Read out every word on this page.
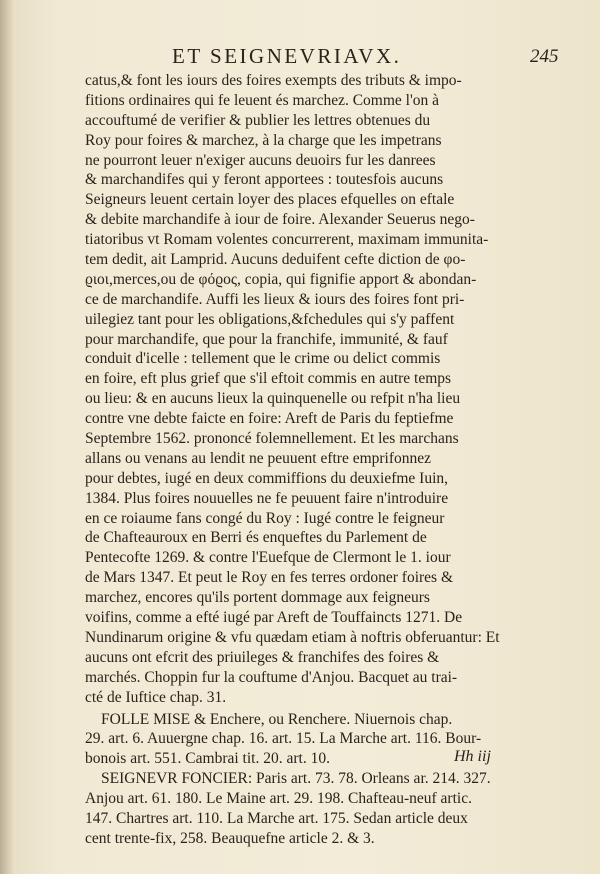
ET SEIGNEVRIAVX.	245
catus,& font les iours des foires exempts des tributs & impo-
fitions ordinaires qui fe leuent és marchez. Comme l'on à
accouftumé de verifier & publier les lettres obtenues du
Roy pour foires & marchez, à la charge que les impetrans
ne pourront leuer n'exiger aucuns deuoirs fur les danrees
& marchandifes qui y feront apportees : toutesfois aucuns
Seigneurs leuent certain loyer des places efquelles on eftale
& debite marchandife à iour de foire. Alexander Seuerus nego-
tiatoribus vt Romam volentes concurrerent, maximam immunita-
tem dedit, ait Lamprid. Aucuns deduifent cefte diction de φο-
ϱιοι,merces,ou de φόϱος, copia, qui fignifie apport & abondan-
ce de marchandife. Auffi les lieux & iours des foires font pri-
uilegiez tant pour les obligations,&fchedules qui s'y paffent
pour marchandife, que pour la franchife, immunité, & fauf
conduit d'icelle : tellement que le crime ou delict commis
en foire, eft plus grief que s'il eftoit commis en autre temps
ou lieu: & en aucuns lieux la quinquenelle ou refpit n'ha lieu
contre vne debte faicte en foire: Areft de Paris du feptiefme
Septembre 1562. prononcé folemnellement. Et les marchans
allans ou venans au lendit ne peuuent eftre emprifonnez
pour debtes, iugé en deux commiffions du deuxiefme Iuin,
1384. Plus foires nouuelles ne fe peuuent faire n'introduire
en ce roiaume fans congé du Roy : Iugé contre le feigneur
de Chafteauroux en Berri és enqueftes du Parlement de
Pentecofte 1269. & contre l'Euefque de Clermont le 1. iour
de Mars 1347. Et peut le Roy en fes terres ordoner foires &
marchez, encores qu'ils portent dommage aux feigneurs
voifins, comme a efté iugé par Areft de Touffaincts 1271. De
Nundinarum origine & vfu quædam etiam à noftris obferuantur: Et
aucuns ont efcrit des priuileges & franchifes des foires &
marchés. Choppin fur la couftume d'Anjou. Bacquet au trai-
cté de Iuftice chap. 31.
FOLLE MISE & Enchere, ou Renchere. Niuernois chap.
29. art. 6. Auuergne chap. 16. art. 15. La Marche art. 116. Bour-
bonois art. 551. Cambrai tit. 20. art. 10.
SEIGNEVR FONCIER: Paris art. 73. 78. Orleans ar. 214. 327.
Anjou art. 61. 180. Le Maine art. 29. 198. Chafteau-neuf artic.
147. Chartres art. 110. La Marche art. 175. Sedan article deux
cent trente-fix, 258. Beauquefne article 2. & 3.
Hh iij
